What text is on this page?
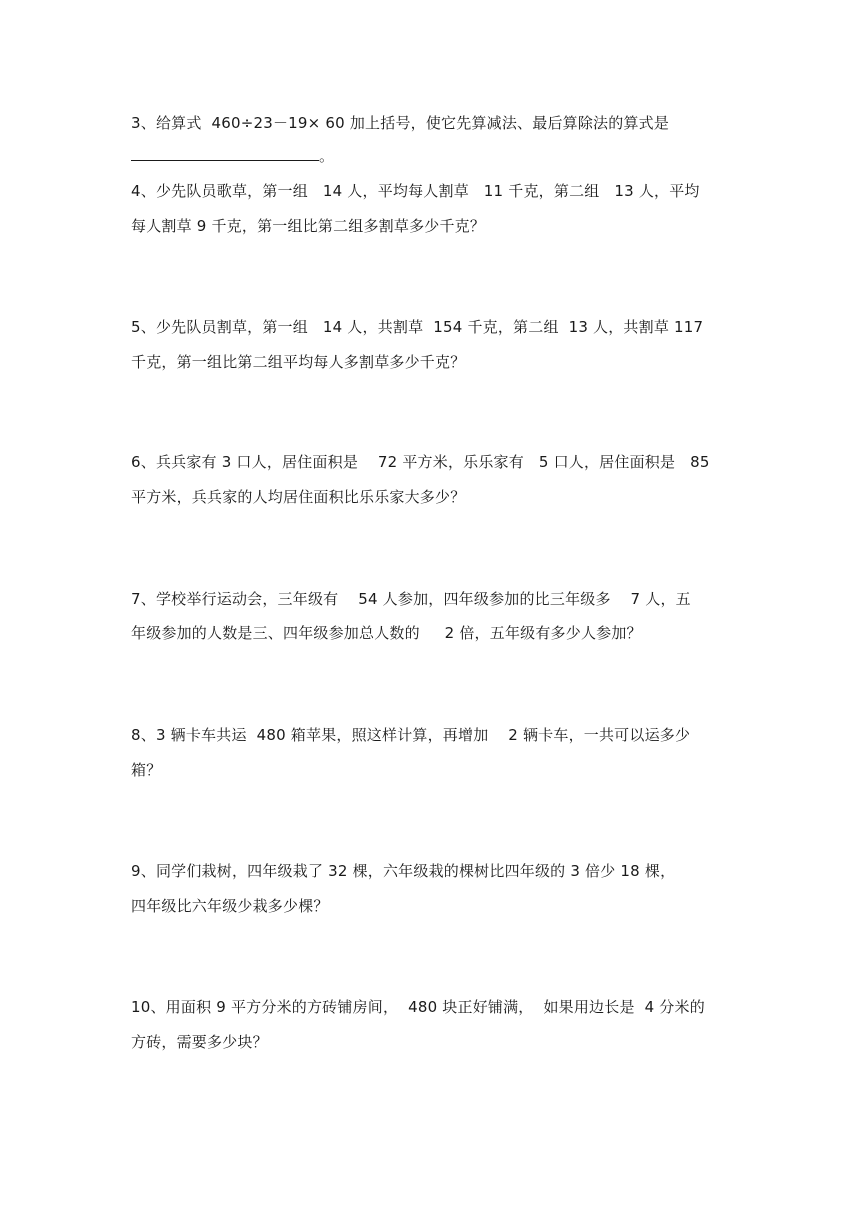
3、给算式  460÷23－19× 60 加上括号，使它先算减法、最后算除法的算式是
。
4、少先队员歌草，第一组   14 人，平均每人割草   11 千克，第二组   13 人，平均
每人割草 9 千克，第一组比第二组多割草多少千克？
5、少先队员割草，第一组   14 人，共割草  154 千克，第二组  13 人，共割草 117
千克，第一组比第二组平均每人多割草多少千克？
6、兵兵家有 3 口人，居住面积是    72 平方米，乐乐家有   5 口人，居住面积是   85
平方米，兵兵家的人均居住面积比乐乐家大多少？
7、学校举行运动会，三年级有    54 人参加，四年级参加的比三年级多    7 人，五
年级参加的人数是三、四年级参加总人数的     2 倍，五年级有多少人参加？
8、3 辆卡车共运  480 箱苹果，照这样计算，再增加    2 辆卡车，一共可以运多少
箱？
9、同学们栽树，四年级栽了 32 棵，六年级栽的棵树比四年级的 3 倍少 18 棵，
四年级比六年级少栽多少棵？
10、用面积 9 平方分米的方砖铺房间，  480 块正好铺满，  如果用边长是  4 分米的
方砖，需要多少块？
